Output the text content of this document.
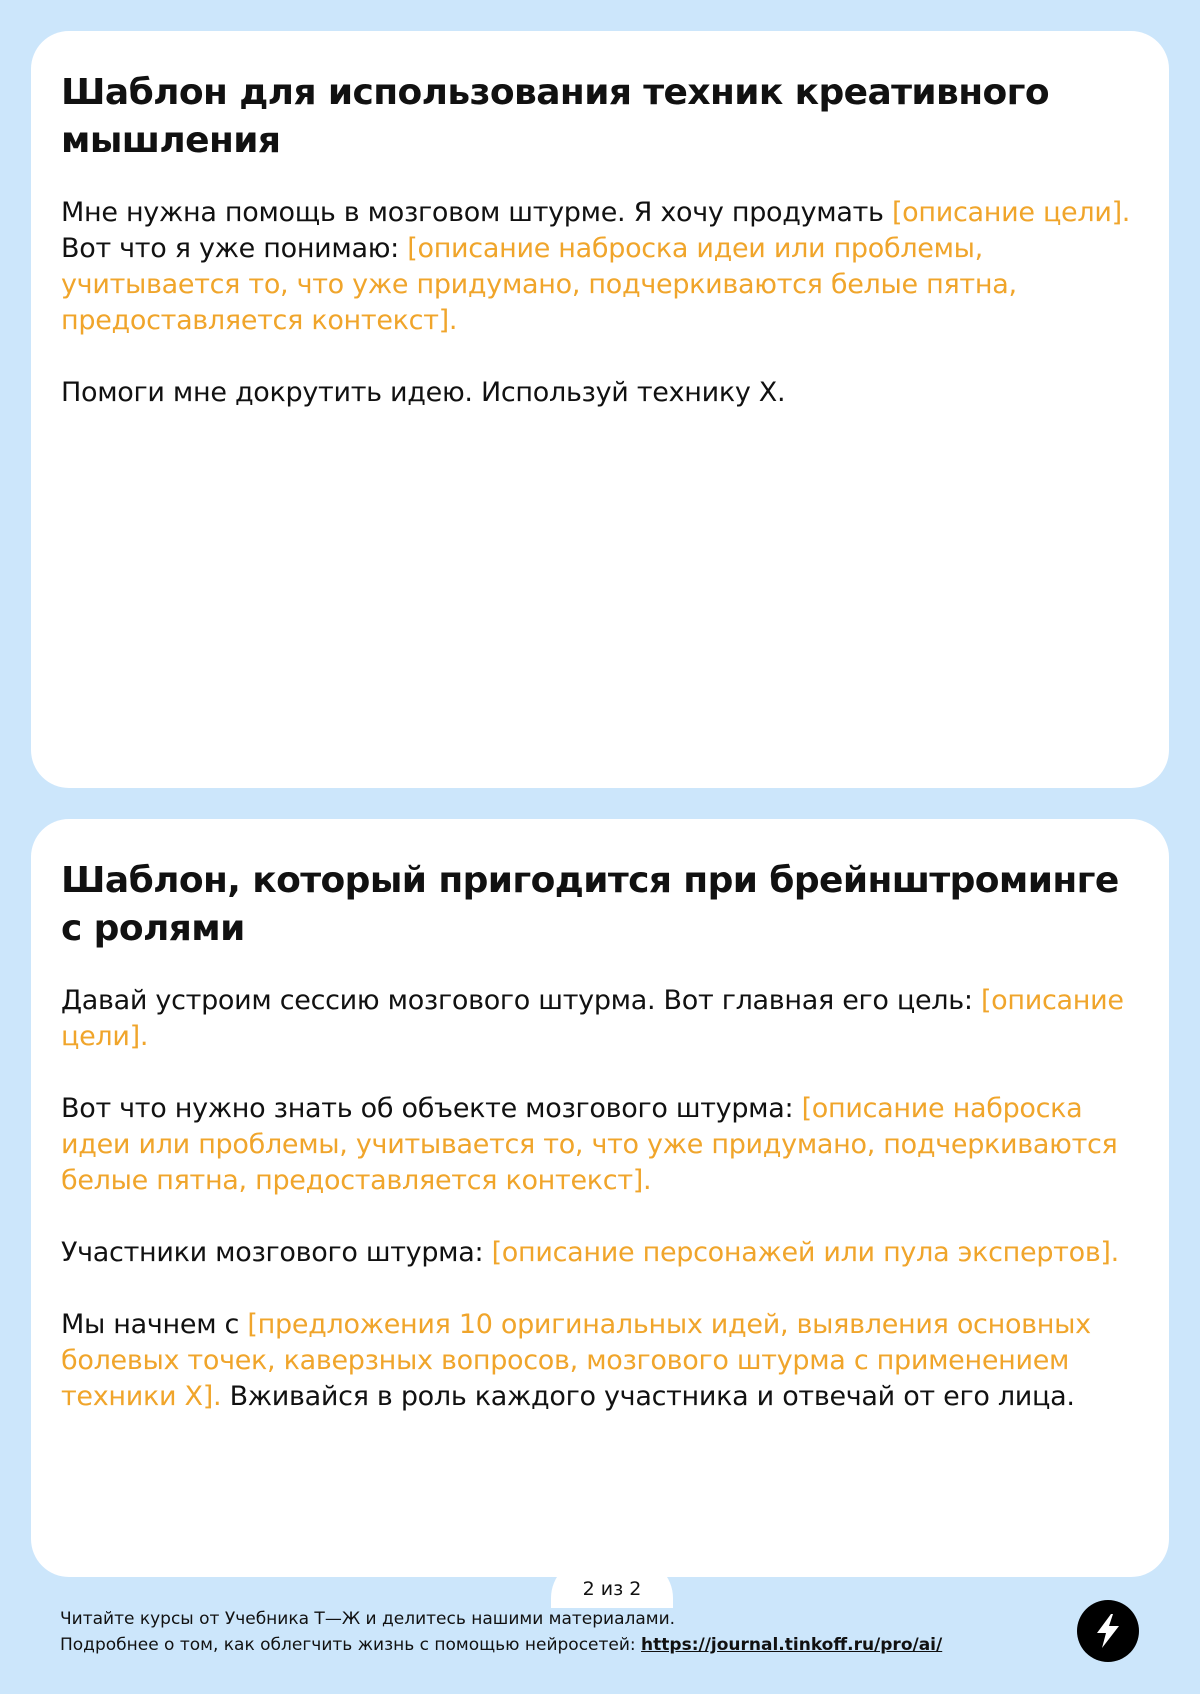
Шаблон для использования техник креативного мышления

Мне нужна помощь в мозговом штурме. Я хочу продумать [описание цели]. Вот что я уже понимаю: [описание наброска идеи или проблемы, учитывается то, что уже придумано, подчеркиваются белые пятна, предоставляется контекст].

Помоги мне докрутить идею. Используй технику X.

Шаблон, который пригодится при брейнштроминге с ролями

Давай устроим сессию мозгового штурма. Вот главная его цель: [описание цели].

Вот что нужно знать об объекте мозгового штурма: [описание наброска идеи или проблемы, учитывается то, что уже придумано, подчеркиваются белые пятна, предоставляется контекст].

Участники мозгового штурма: [описание персонажей или пула экспертов].

Мы начнем с [предложения 10 оригинальных идей, выявления основных болевых точек, каверзных вопросов, мозгового штурма с применением техники X]. Вживайся в роль каждого участника и отвечай от его лица.

2 из 2
Читайте курсы от Учебника Т—Ж и делитесь нашими материалами.
Подробнее о том, как облегчить жизнь с помощью нейросетей: https://journal.tinkoff.ru/pro/ai/
